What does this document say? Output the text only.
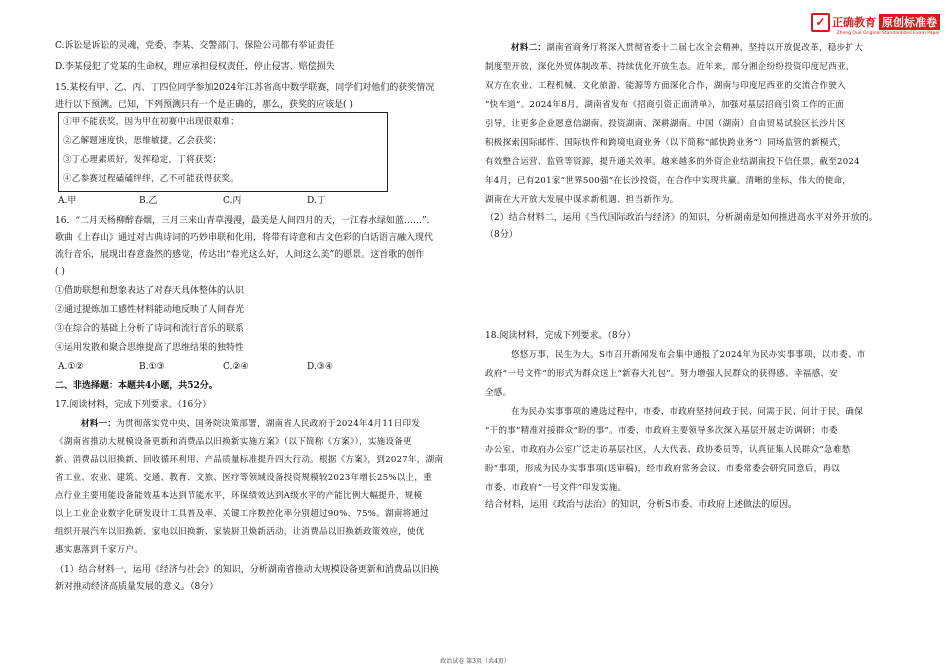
✓ 正确教育 原创标准卷
Zheng Que Original Standardized Exam Paper
C.诉讼是诉讼的灵魂，党委、李某、交警部门、保险公司都有举证责任
D.李某侵犯了党某的生命权，理应承担侵权责任，停止侵害、赔偿损失
15.某校有甲、乙、丙、丁四位同学参加2024年江苏省高中数学联赛，同学们对他们的获奖情况
进行以下预测。已知，下列预测只有一个是正确的，那么，获奖的应该是( )
①甲不能获奖，因为甲在初赛中出现很艰难；
②乙解题速度快，思维敏捷，乙会获奖；
③丁心理素质好，发挥稳定，丁将获奖；
④乙参赛过程磕磕绊绊，乙不可能获得获奖。
A.甲	B.乙	C.丙	D.丁
16．“二月天杨柳醉春烟，三月三来山青草漫漫，最美是人间四月的天，一江春水绿如蓝……”．
歌曲《上春山》通过对古典诗词的巧妙串联和化用，将带有诗意和古文色彩的白话语言融入现代
流行音乐，展现出春意盎然的感觉，传达出“春光这么好，人间这么美”的愿景。这首歌的创作
( )
①借助联想和想象表达了对春天具体整体的认识
②通过提炼加工感性材料能动地反映了人间春光
③在综合的基础上分析了诗词和流行音乐的联系
④运用发散和聚合思维提高了思维结果的独特性
A.①②	B.①③	C.②④	D.③④
二、非选择题：本题共4小题，共52分。
17.阅读材料，完成下列要求。（16分）
材料一：为贯彻落实党中央、国务院决策部署，湖南省人民政府于2024年4月11日印发
《湖南省推动大规模设备更新和消费品以旧换新实施方案》（以下简称《方案》），实施设备更
新、消费品以旧换新、回收循环利用、产品质量标准提升四大行动。根据《方案》，到2027年，湖南
省工业、农业、建筑、交通、教育、文旅、医疗等领域设备投资规模较2023年增长25%以上，重
点行业主要用能设备能效基本达到节能水平，环保绩效达到A级水平的产能比例大幅提升，规模
以上工业企业数字化研发设计工具普及率、关键工序数控化率分别超过90%、75%。湖南将通过
组织开展汽车以旧换新、家电以旧换新、家装厨卫焕新活动，让消费品以旧换新政策效应，使优
惠实惠落到千家万户。
（1）结合材料一，运用《经济与社会》的知识，分析湖南省推动大规模设备更新和消费品以旧换
新对推动经济高质量发展的意义。（8分）
材料二：湖南省商务厅将深入贯彻省委十二届七次全会精神，坚持以开放促改革，稳步扩大
制度型开放，深化外贸体制改革、持续优化开放生态。近年来，部分湘企纷纷投资印度尼西亚，
双方在农业、工程机械、文化旅游、能源等方面深化合作，湖南与印度尼西亚的交流合作驶入
“快车道”。2024年8月，湖南省发布《招商引资正面清单》，加强对基层招商引资工作的正面
引导，让更多企业愿意信湖南、投资湖南、深耕湖南。中国（湖南）自由贸易试验区长沙片区
积极探索国际邮件、国际快件和跨境电商业务（以下简称“邮快跨业务”）同场监管的新模式，
有效整合运营、监管等资源，提升通关效率。越来越多的外资企业结湖南投下信任票，截至2024
年4月，已有201家“世界500强”在长沙投资，在合作中实现共赢。清晰的坐标，伟大的使命，
湖南在大开放大发展中谋求新机遇、担当新作为。
（2）结合材料二，运用《当代国际政治与经济》的知识，分析湖南是如何推进高水平对外开放的。
（8分）
18.阅读材料，完成下列要求。（8分）
悠悠万事，民生为大。S市召开新闻发布会集中通报了2024年为民办实事事项，以市委、市
政府“一号文件”的形式为群众送上“新春大礼包”。努力增强人民群众的获得感、幸福感、安
全感。
在为民办实事事项的遴选过程中，市委、市政府坚持问政于民、问需于民、问计于民，确保
“干的事”精准对接群众“盼的事”。市委、市政府主要领导多次深入基层开展走访调研；市委
办公室、市政府办公室广泛走访基层社区，人大代表、政协委员等，认真征集人民群众“急难愁
盼”事项，形成为民办实事事项(送审稿)，经市政府常务会议、市委常委会研究同意后，再以
市委、市政府“一号文件”印发实施。
结合材料，运用《政治与法治》的知识，分析S市委、市政府上述做法的原因。
政治试卷 第3页（共4页）
